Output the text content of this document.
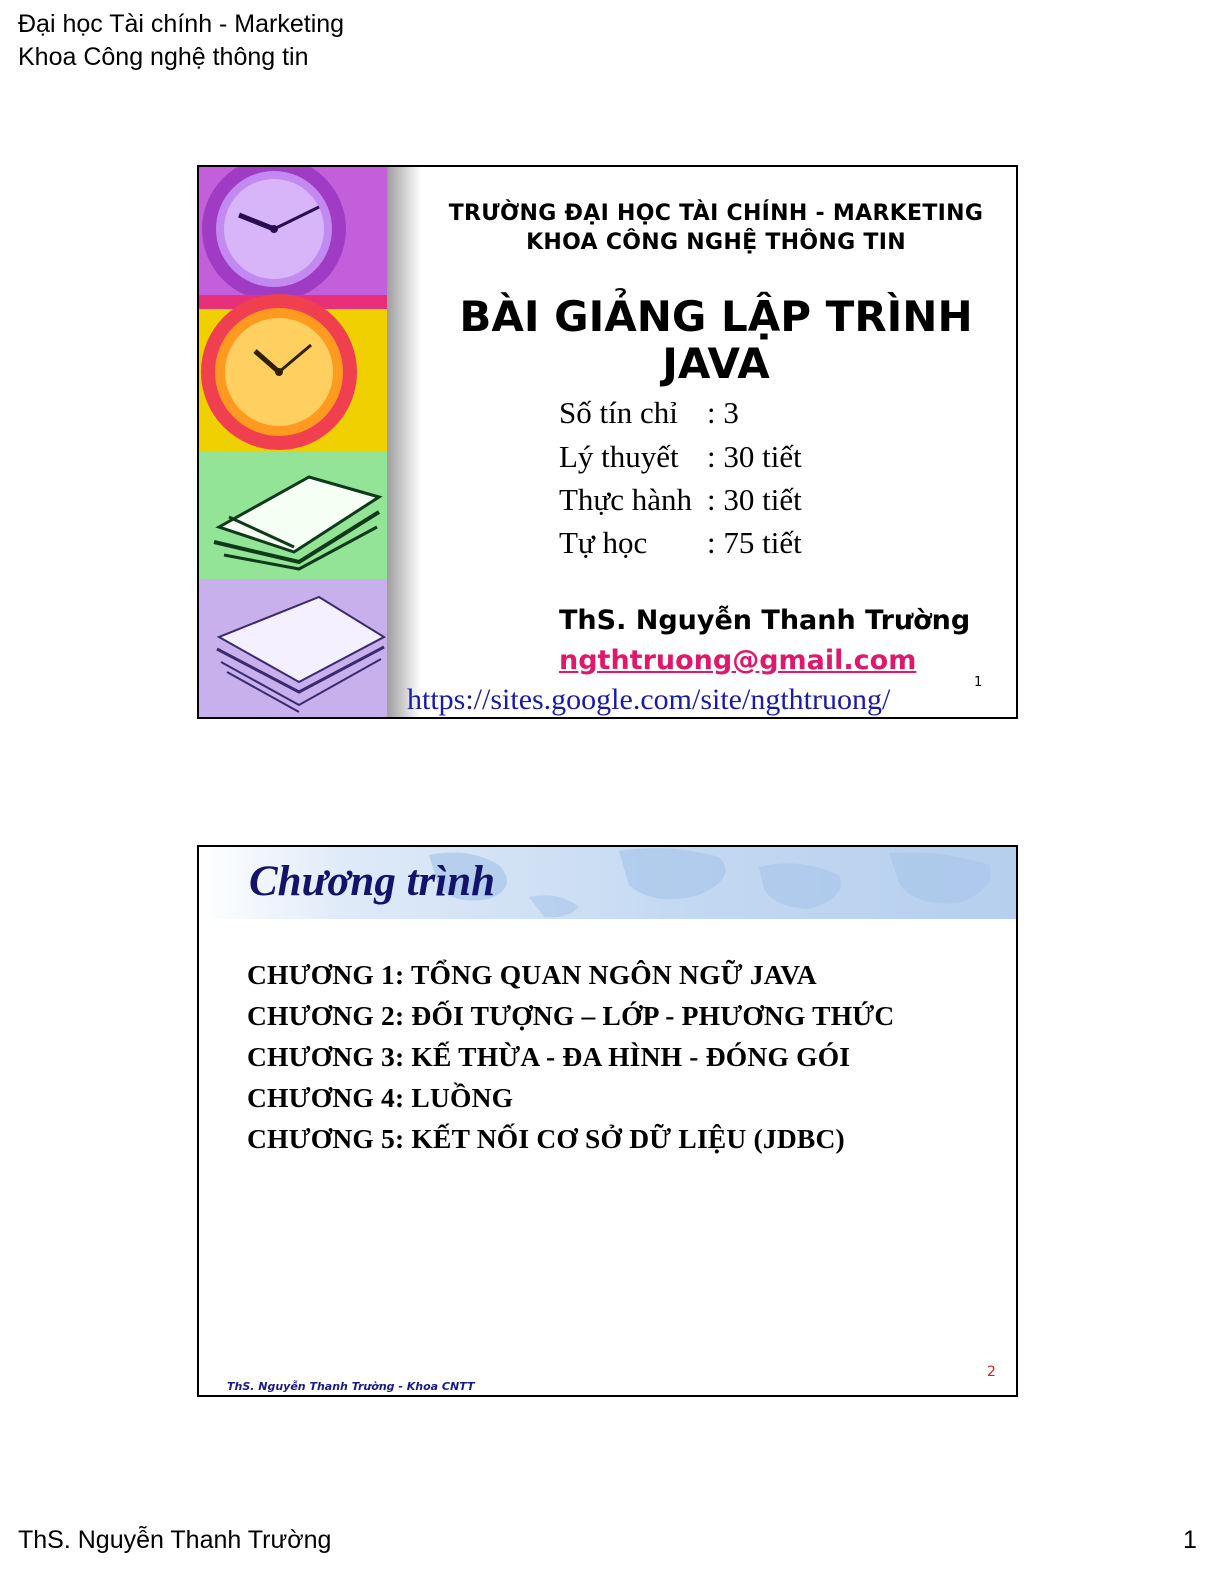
Đại học Tài chính - Marketing
Khoa Công nghệ thông tin
TRƯỜNG ĐẠI HỌC TÀI CHÍNH - MARKETING
KHOA CÔNG NGHỆ THÔNG TIN
BÀI GIẢNG LẬP TRÌNH
JAVA
Số tín chỉ : 3
Lý thuyết : 30 tiết
Thực hành : 30 tiết
Tự học : 75 tiết
ThS. Nguyễn Thanh Trường
ngthtruong@gmail.com
https://sites.google.com/site/ngthtruong/
1
Chương trình
CHƯƠNG 1: TỔNG QUAN NGÔN NGỮ JAVA
CHƯƠNG 2: ĐỐI TƯỢNG – LỚP - PHƯƠNG THỨC
CHƯƠNG 3: KẾ THỪA - ĐA HÌNH - ĐÓNG GÓI
CHƯƠNG 4: LUỒNG
CHƯƠNG 5: KẾT NỐI CƠ SỞ DỮ LIỆU (JDBC)
2
ThS. Nguyễn Thanh Trường - Khoa CNTT
ThS. Nguyễn Thanh Trường	1
